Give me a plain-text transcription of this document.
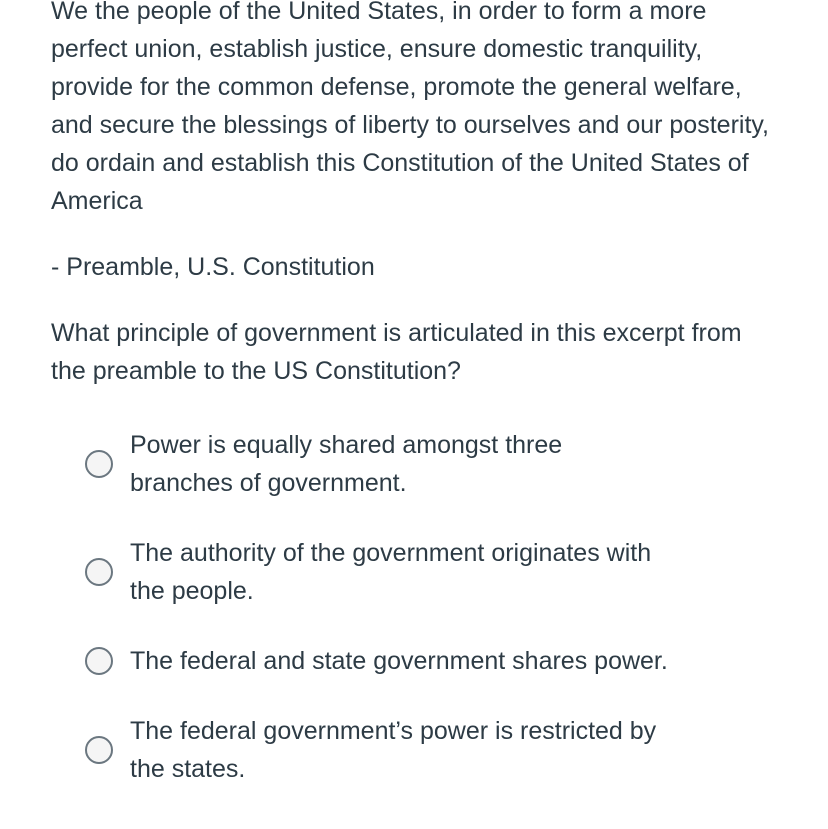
We the people of the United States, in order to form a more perfect union, establish justice, ensure domestic tranquility, provide for the common defense, promote the general welfare, and secure the blessings of liberty to ourselves and our posterity, do ordain and establish this Constitution of the United States of America

- Preamble, U.S. Constitution

What principle of government is articulated in this excerpt from the preamble to the US Constitution?

Power is equally shared amongst three branches of government.
The authority of the government originates with the people.
The federal and state government shares power.
The federal government’s power is restricted by the states.
